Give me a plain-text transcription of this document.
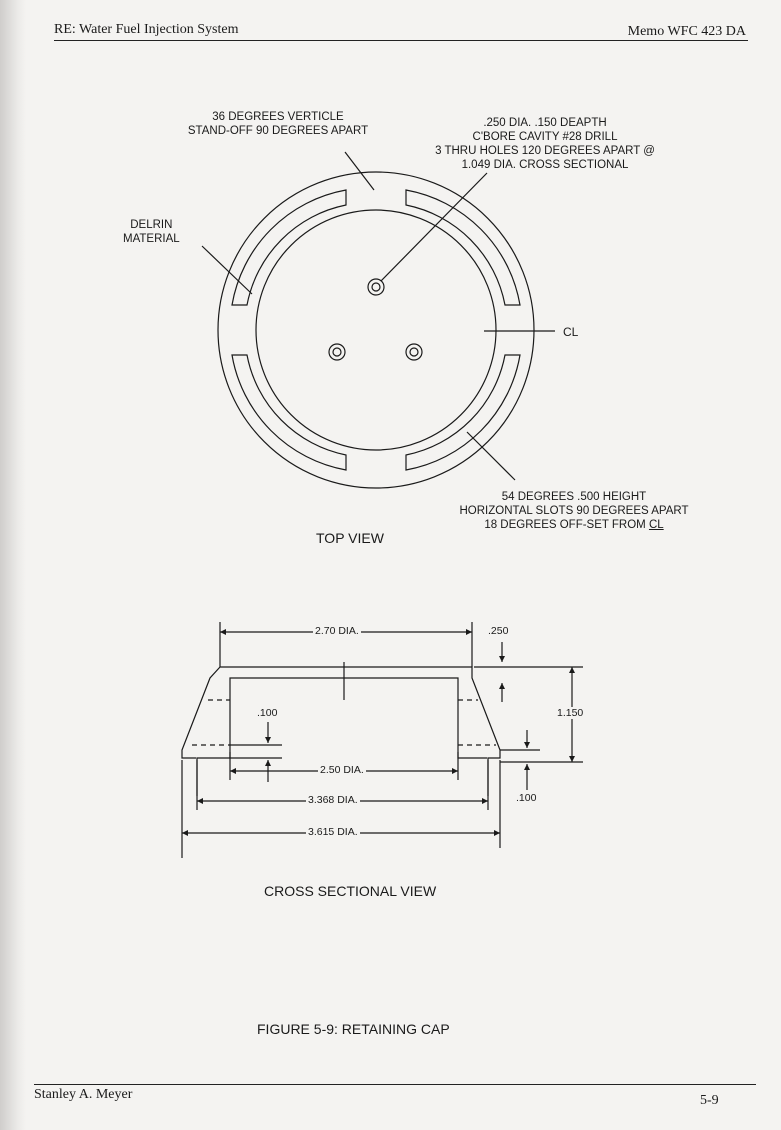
RE: Water Fuel Injection System	Memo WFC 423 DA
36 DEGREES VERTICLE
STAND-OFF 90 DEGREES APART
.250 DIA. .150 DEAPTH
C'BORE CAVITY #28 DRILL
3 THRU HOLES 120 DEGREES APART @
1.049 DIA. CROSS SECTIONAL
DELRIN
MATERIAL
CL
54 DEGREES .500 HEIGHT
HORIZONTAL SLOTS 90 DEGREES APART
18 DEGREES OFF-SET FROM CL
TOP VIEW
2.70 DIA.	.250
1.150
.100
2.50 DIA.
3.368 DIA.	.100
3.615 DIA.
CROSS SECTIONAL VIEW
FIGURE 5-9: RETAINING CAP
Stanley A. Meyer	5-9
